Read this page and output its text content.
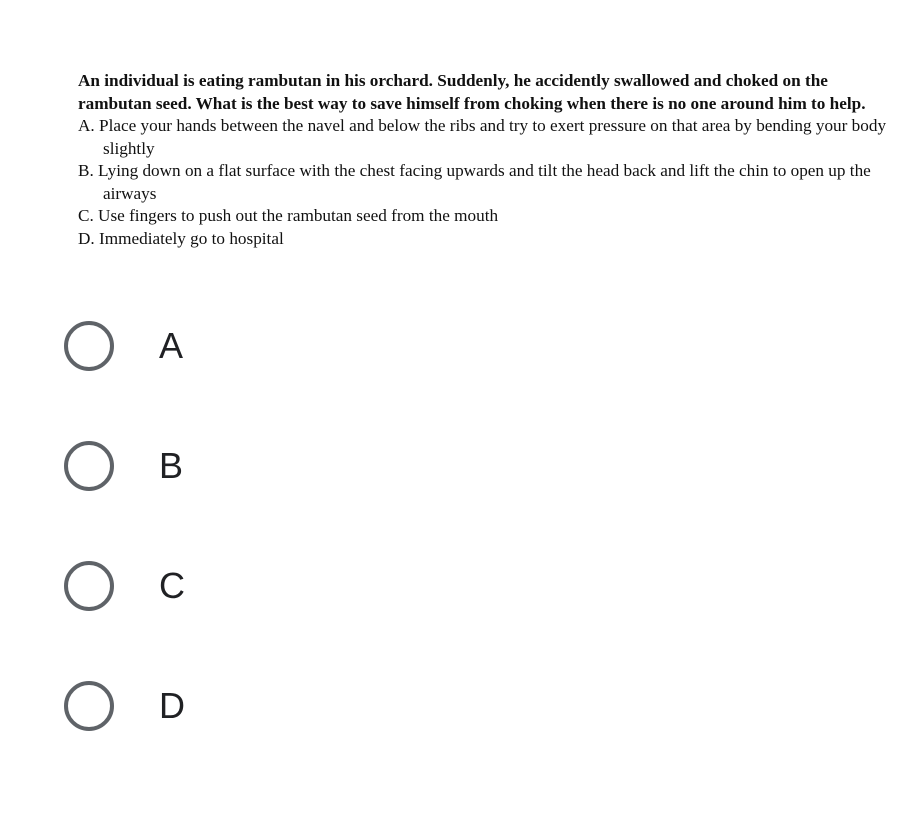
An individual is eating rambutan in his orchard. Suddenly, he accidently swallowed and choked on the rambutan seed. What is the best way to save himself from choking when there is no one around him to help.

A. Place your hands between the navel and below the ribs and try to exert pressure on that area by bending your body slightly

B. Lying down on a flat surface with the chest facing upwards and tilt the head back and lift the chin to open up the airways

C. Use fingers to push out the rambutan seed from the mouth

D. Immediately go to hospital

A
B
C
D
